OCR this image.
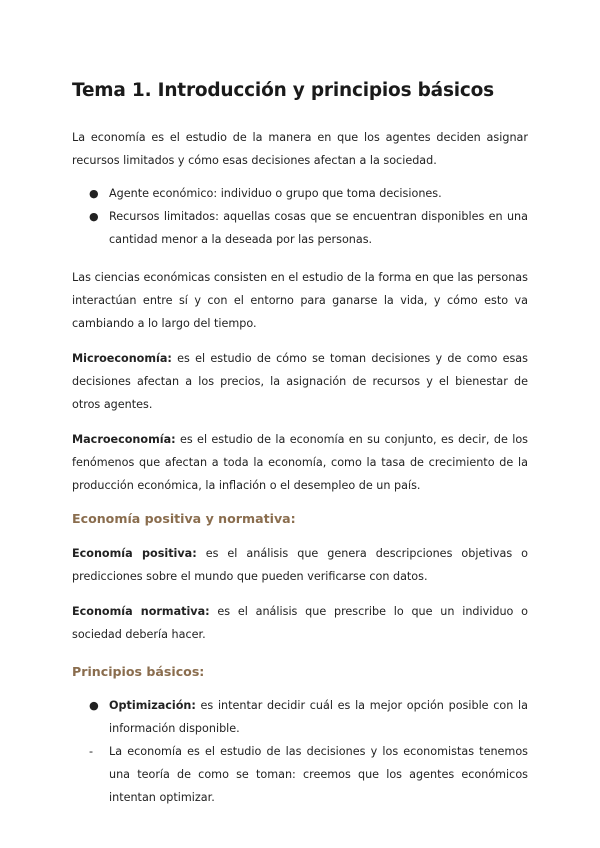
Tema 1. Introducción y principios básicos

La economía es el estudio de la manera en que los agentes deciden asignar recursos limitados y cómo esas decisiones afectan a la sociedad.

● Agente económico: individuo o grupo que toma decisiones.
● Recursos limitados: aquellas cosas que se encuentran disponibles en una cantidad menor a la deseada por las personas.

Las ciencias económicas consisten en el estudio de la forma en que las personas interactúan entre sí y con el entorno para ganarse la vida, y cómo esto va cambiando a lo largo del tiempo.

Microeconomía: es el estudio de cómo se toman decisiones y de como esas decisiones afectan a los precios, la asignación de recursos y el bienestar de otros agentes.

Macroeconomía: es el estudio de la economía en su conjunto, es decir, de los fenómenos que afectan a toda la economía, como la tasa de crecimiento de la producción económica, la inflación o el desempleo de un país.

Economía positiva y normativa:

Economía positiva: es el análisis que genera descripciones objetivas o predicciones sobre el mundo que pueden verificarse con datos.

Economía normativa: es el análisis que prescribe lo que un individuo o sociedad debería hacer.

Principios básicos:
● Optimización: es intentar decidir cuál es la mejor opción posible con la información disponible.
- La economía es el estudio de las decisiones y los economistas tenemos una teoría de como se toman: creemos que los agentes económicos intentan optimizar.
